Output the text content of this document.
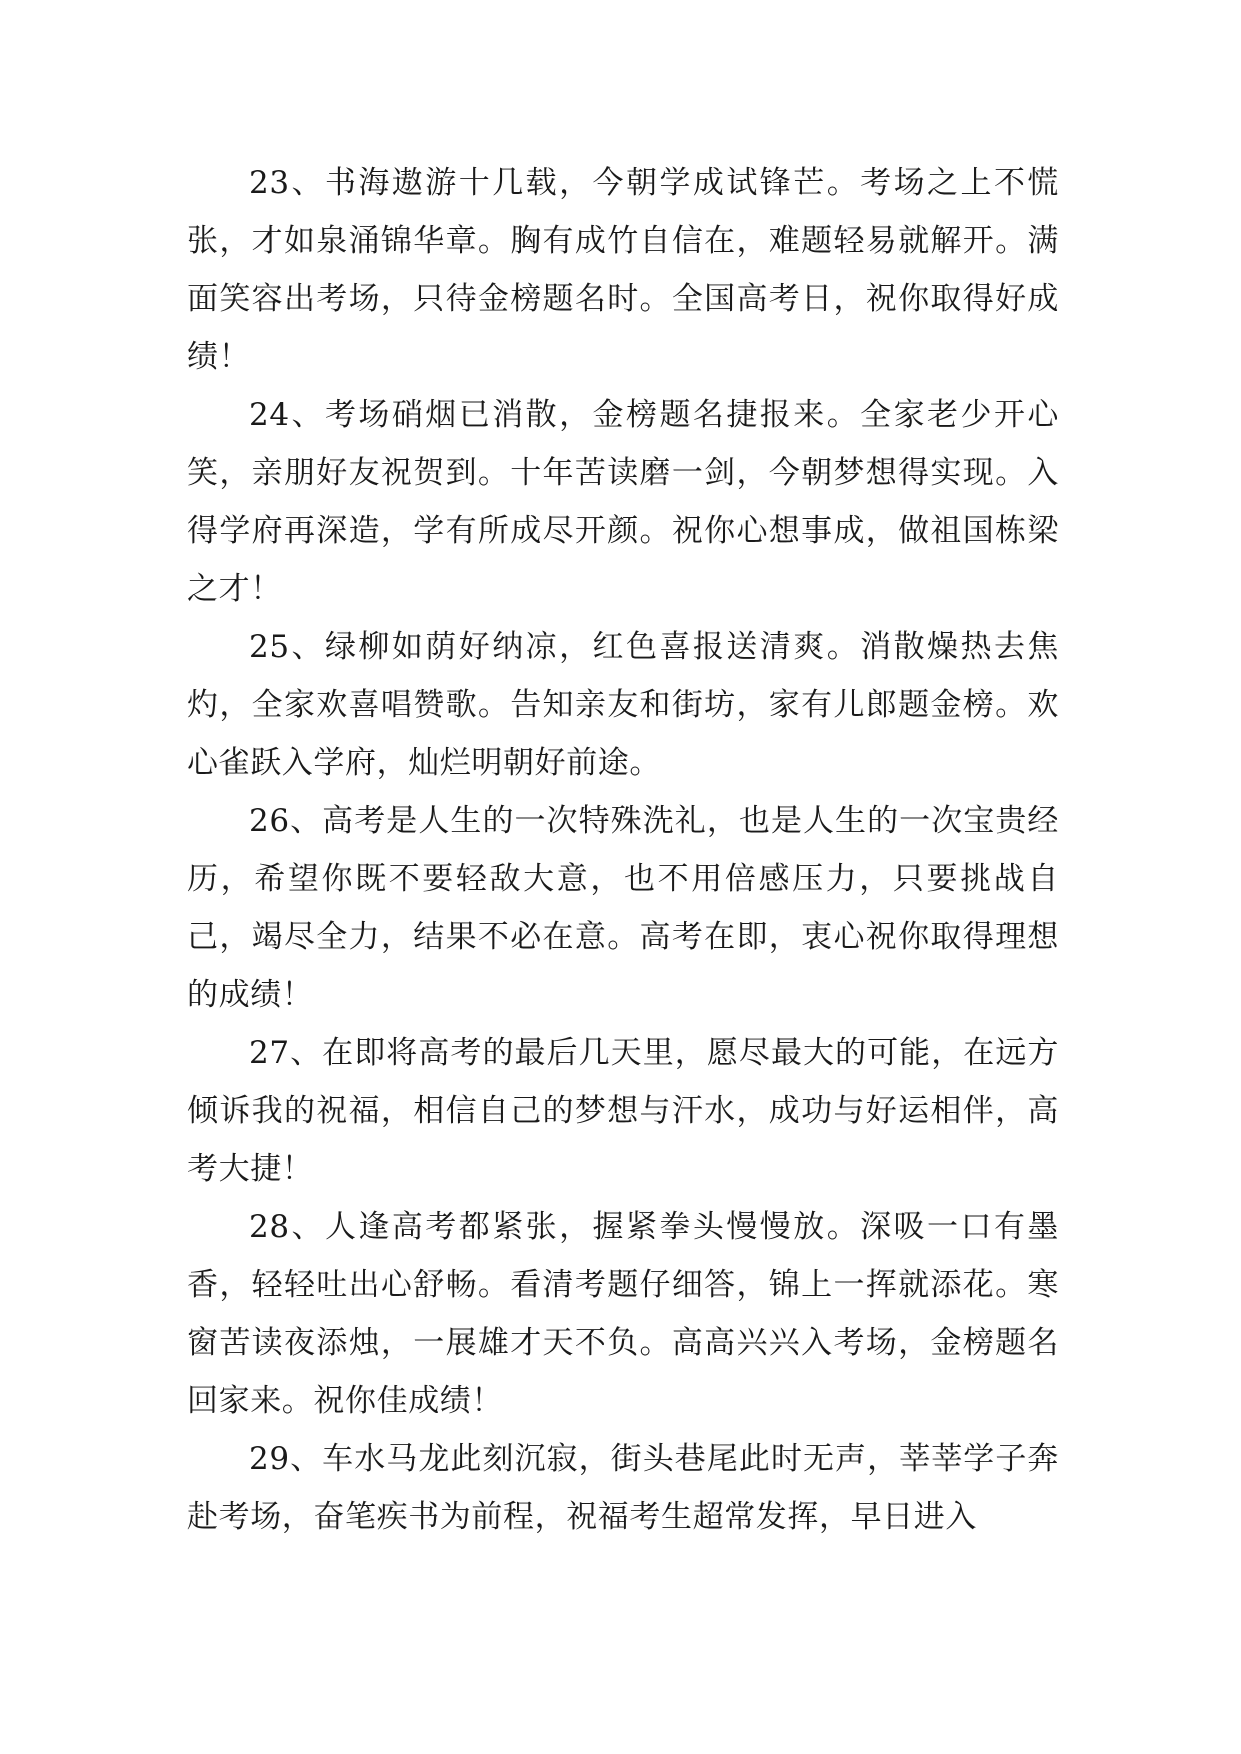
23、书海遨游十几载，今朝学成试锋芒。考场之上不慌张，才如泉涌锦华章。胸有成竹自信在，难题轻易就解开。满面笑容出考场，只待金榜题名时。全国高考日，祝你取得好成绩！

24、考场硝烟已消散，金榜题名捷报来。全家老少开心笑，亲朋好友祝贺到。十年苦读磨一剑，今朝梦想得实现。入得学府再深造，学有所成尽开颜。祝你心想事成，做祖国栋梁之才！

25、绿柳如荫好纳凉，红色喜报送清爽。消散燥热去焦灼，全家欢喜唱赞歌。告知亲友和街坊，家有儿郎题金榜。欢心雀跃入学府，灿烂明朝好前途。

26、高考是人生的一次特殊洗礼，也是人生的一次宝贵经历，希望你既不要轻敌大意，也不用倍感压力，只要挑战自己，竭尽全力，结果不必在意。高考在即，衷心祝你取得理想的成绩！

27、在即将高考的最后几天里，愿尽最大的可能，在远方倾诉我的祝福，相信自己的梦想与汗水，成功与好运相伴，高考大捷！

28、人逢高考都紧张，握紧拳头慢慢放。深吸一口有墨香，轻轻吐出心舒畅。看清考题仔细答，锦上一挥就添花。寒窗苦读夜添烛，一展雄才天不负。高高兴兴入考场，金榜题名回家来。祝你佳成绩！

29、车水马龙此刻沉寂，街头巷尾此时无声，莘莘学子奔赴考场，奋笔疾书为前程，祝福考生超常发挥，早日进入
